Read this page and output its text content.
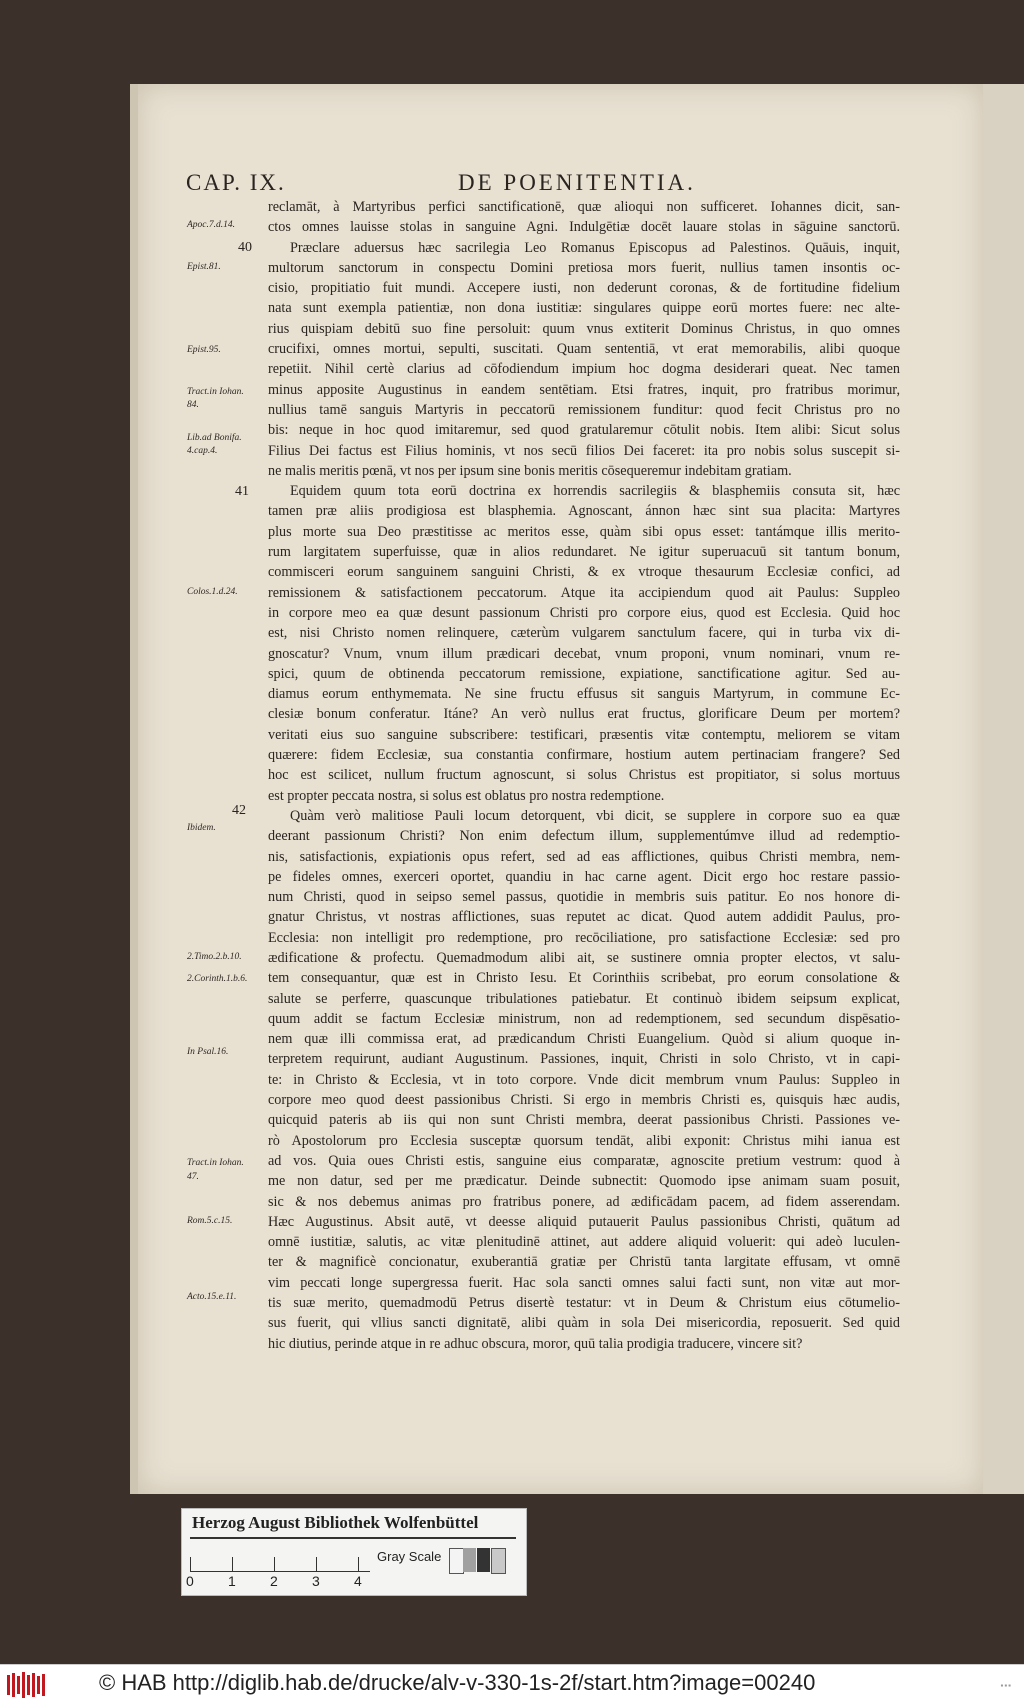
CAP. IX.	DE POENITENTIA.
Apoc.7.d.14.
Epist.81.
Epist.95.
Tract.in Iohan.
84.
Lib.ad Bonifa.
4.cap.4.
Colos.1.d.24.
Ibidem.
2.Timo.2.b.10.
2.Corinth.1.b.6.
In Psal.16.
Tract.in Iohan.
47.
Rom.5.c.15.
Acto.15.e.11.
40
41
42
reclamāt, à Martyribus perfici sanctificationē, quæ alioqui non sufficeret. Iohannes dicit, san-
ctos omnes lauisse stolas in sanguine Agni. Indulgētiæ docēt lauare stolas in sāguine sanctorū.
Præclare aduersus hæc sacrilegia Leo Romanus Episcopus ad Palestinos. Quāuis, inquit,
multorum sanctorum in conspectu Domini pretiosa mors fuerit, nullius tamen insontis oc-
cisio, propitiatio fuit mundi. Accepere iusti, non dederunt coronas, & de fortitudine fidelium
nata sunt exempla patientiæ, non dona iustitiæ: singulares quippe eorū mortes fuere: nec alte-
rius quispiam debitū suo fine persoluit: quum vnus extiterit Dominus Christus, in quo omnes
crucifixi, omnes mortui, sepulti, suscitati. Quam sententiā, vt erat memorabilis, alibi quoque
repetiit. Nihil certè clarius ad cōfodiendum impium hoc dogma desiderari queat. Nec tamen
minus apposite Augustinus in eandem sentētiam. Etsi fratres, inquit, pro fratribus morimur,
nullius tamē sanguis Martyris in peccatorū remissionem funditur: quod fecit Christus pro no
bis: neque in hoc quod imitaremur, sed quod gratularemur cōtulit nobis. Item alibi: Sicut solus
Filius Dei factus est Filius hominis, vt nos secū filios Dei faceret: ita pro nobis solus suscepit si-
ne malis meritis pœnā, vt nos per ipsum sine bonis meritis cōsequeremur indebitam gratiam.
Equidem quum tota eorū doctrina ex horrendis sacrilegiis & blasphemiis consuta sit, hæc
tamen præ aliis prodigiosa est blasphemia. Agnoscant, ánnon hæc sint sua placita: Martyres
plus morte sua Deo præstitisse ac meritos esse, quàm sibi opus esset: tantámque illis merito-
rum largitatem superfuisse, quæ in alios redundaret. Ne igitur superuacuū sit tantum bonum,
commisceri eorum sanguinem sanguini Christi, & ex vtroque thesaurum Ecclesiæ confici, ad
remissionem & satisfactionem peccatorum. Atque ita accipiendum quod ait Paulus: Suppleo
in corpore meo ea quæ desunt passionum Christi pro corpore eius, quod est Ecclesia. Quid hoc
est, nisi Christo nomen relinquere, cæterùm vulgarem sanctulum facere, qui in turba vix di-
gnoscatur? Vnum, vnum illum prædicari decebat, vnum proponi, vnum nominari, vnum re-
spici, quum de obtinenda peccatorum remissione, expiatione, sanctificatione agitur. Sed au-
diamus eorum enthymemata. Ne sine fructu effusus sit sanguis Martyrum, in commune Ec-
clesiæ bonum conferatur. Itáne? An verò nullus erat fructus, glorificare Deum per mortem?
veritati eius suo sanguine subscribere: testificari, præsentis vitæ contemptu, meliorem se vitam
quærere: fidem Ecclesiæ, sua constantia confirmare, hostium autem pertinaciam frangere? Sed
hoc est scilicet, nullum fructum agnoscunt, si solus Christus est propitiator, si solus mortuus
est propter peccata nostra, si solus est oblatus pro nostra redemptione.
Quàm verò malitiose Pauli locum detorquent, vbi dicit, se supplere in corpore suo ea quæ
deerant passionum Christi? Non enim defectum illum, supplementúmve illud ad redemptio-
nis, satisfactionis, expiationis opus refert, sed ad eas afflictiones, quibus Christi membra, nem-
pe fideles omnes, exerceri oportet, quandiu in hac carne agent. Dicit ergo hoc restare passio-
num Christi, quod in seipso semel passus, quotidie in membris suis patitur. Eo nos honore di-
gnatur Christus, vt nostras afflictiones, suas reputet ac dicat. Quod autem addidit Paulus, pro-
Ecclesia: non intelligit pro redemptione, pro recōciliatione, pro satisfactione Ecclesiæ: sed pro
ædificatione & profectu. Quemadmodum alibi ait, se sustinere omnia propter electos, vt salu-
tem consequantur, quæ est in Christo Iesu. Et Corinthiis scribebat, pro eorum consolatione &
salute se perferre, quascunque tribulationes patiebatur. Et continuò ibidem seipsum explicat,
quum addit se factum Ecclesiæ ministrum, non ad redemptionem, sed secundum dispēsatio-
nem quæ illi commissa erat, ad prædicandum Christi Euangelium. Quòd si alium quoque in-
terpretem requirunt, audiant Augustinum. Passiones, inquit, Christi in solo Christo, vt in capi-
te: in Christo & Ecclesia, vt in toto corpore. Vnde dicit membrum vnum Paulus: Suppleo in
corpore meo quod deest passionibus Christi. Si ergo in membris Christi es, quisquis hæc audis,
quicquid pateris ab iis qui non sunt Christi membra, deerat passionibus Christi. Passiones ve-
rò Apostolorum pro Ecclesia susceptæ quorsum tendāt, alibi exponit: Christus mihi ianua est
ad vos. Quia oues Christi estis, sanguine eius comparatæ, agnoscite pretium vestrum: quod à
me non datur, sed per me prædicatur. Deinde subnectit: Quomodo ipse animam suam posuit,
sic & nos debemus animas pro fratribus ponere, ad ædificādam pacem, ad fidem asserendam.
Hæc Augustinus. Absit autē, vt deesse aliquid putauerit Paulus passionibus Christi, quātum ad
omnē iustitiæ, salutis, ac vitæ plenitudinē attinet, aut addere aliquid voluerit: qui adeò luculen-
ter & magnificè concionatur, exuberantiā gratiæ per Christū tanta largitate effusam, vt omnē
vim peccati longe supergressa fuerit. Hac sola sancti omnes salui facti sunt, non vitæ aut mor-
tis suæ merito, quemadmodū Petrus disertè testatur: vt in Deum & Christum eius cōtumelio-
sus fuerit, qui vllius sancti dignitatē, alibi quàm in sola Dei misericordia, reposuerit. Sed quid
hic diutius, perinde atque in re adhuc obscura, moror, quū talia prodigia traducere, vincere sit?
Herzog August Bibliothek Wolfenbüttel
0 1 2 3 4
Gray Scale
© HAB http://diglib.hab.de/drucke/alv-v-330-1s-2f/start.htm?image=00240	▪▪▪
